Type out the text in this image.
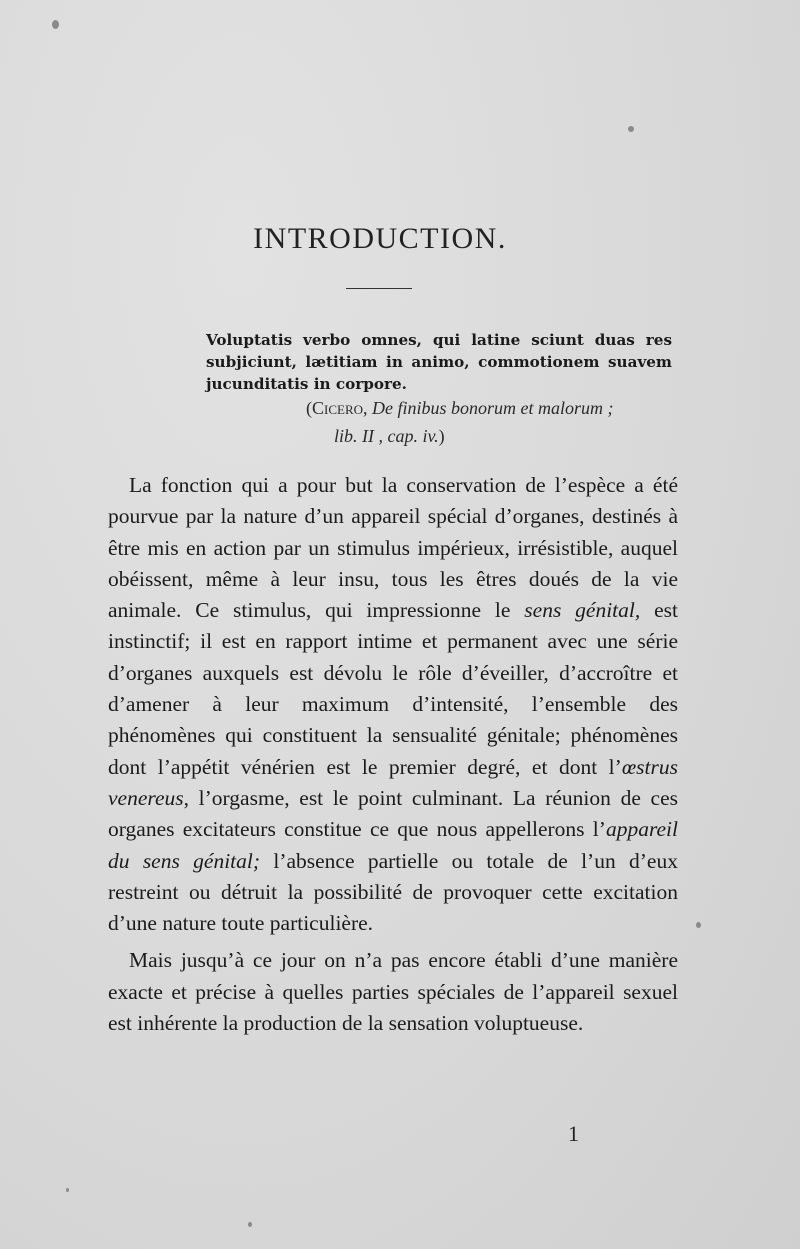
INTRODUCTION.
Voluptatis verbo omnes, qui latine sciunt duas res subjiciunt, lætitiam in animo, commotionem suavem jucunditatis in corpore.
(Cicero, De finibus bonorum et malorum ;
lib. II , cap. iv.)

La fonction qui a pour but la conservation de l’espèce a été pourvue par la nature d’un appareil spécial d’organes, destinés à être mis en action par un stimulus impérieux, irrésistible, auquel obéissent, même à leur insu, tous les êtres doués de la vie animale. Ce stimulus, qui impressionne le sens génital, est instinctif; il est en rapport intime et permanent avec une série d’organes auxquels est dévolu le rôle d’éveiller, d’accroître et d’amener à leur maximum d’intensité, l’ensemble des phénomènes qui constituent la sensualité génitale; phénomènes dont l’appétit vénérien est le premier degré, et dont l’œstrus venereus, l’orgasme, est le point culminant. La réunion de ces organes excitateurs constitue ce que nous appellerons l’appareil du sens génital; l’absence partielle ou totale de l’un d’eux restreint ou détruit la possibilité de provoquer cette excitation d’une nature toute particulière.

Mais jusqu’à ce jour on n’a pas encore établi d’une manière exacte et précise à quelles parties spéciales de l’appareil sexuel est inhérente la production de la sensation voluptueuse.

1
